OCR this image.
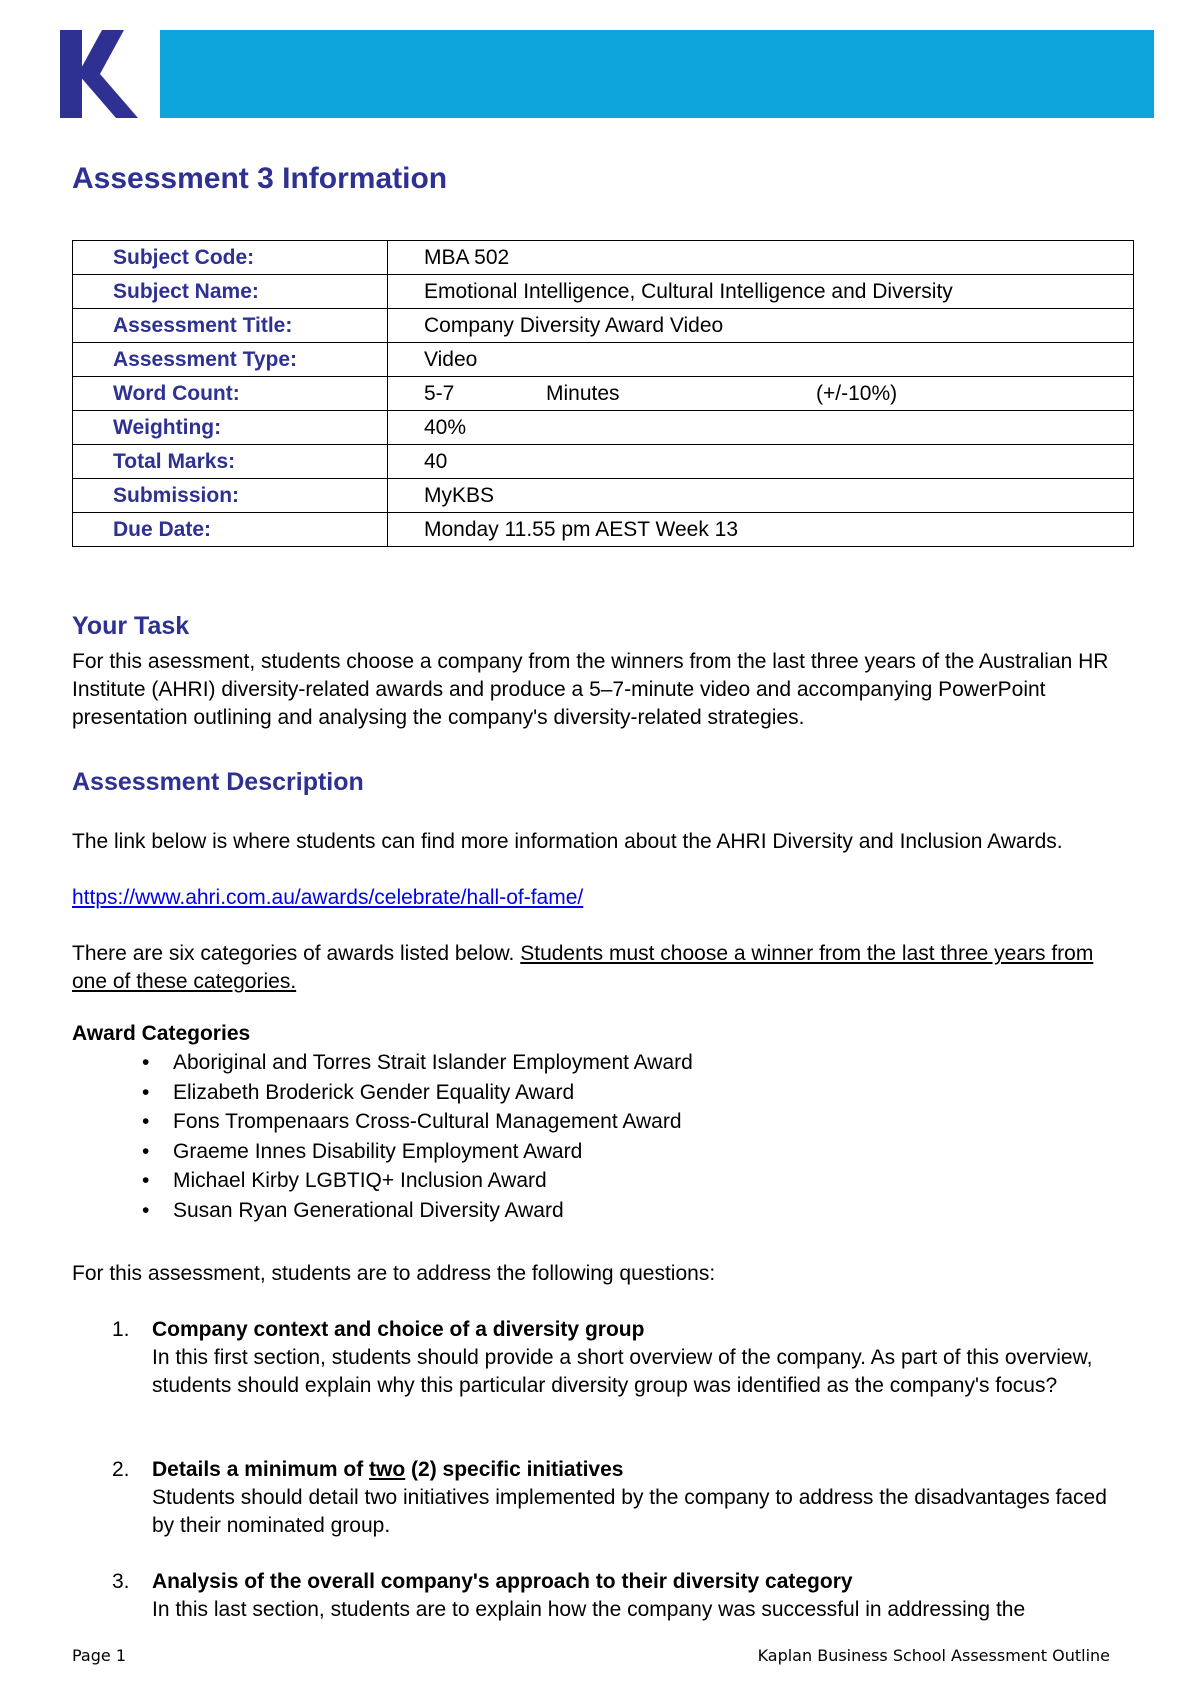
Assessment 3 Information
Subject Code:	MBA 502
Subject Name:	Emotional Intelligence, Cultural Intelligence and Diversity
Assessment Title:	Company Diversity Award Video
Assessment Type:	Video
Word Count:	5-7 Minutes (+/-10%)
Weighting:	40%
Total Marks:	40
Submission:	MyKBS
Due Date:	Monday 11.55 pm AEST Week 13
Your Task

For this asessment, students choose a company from the winners from the last three years of the Australian HR Institute (AHRI) diversity-related awards and produce a 5–7-minute video and accompanying PowerPoint presentation outlining and analysing the company's diversity-related strategies.

Assessment Description

The link below is where students can find more information about the AHRI Diversity and Inclusion Awards.

https://www.ahri.com.au/awards/celebrate/hall-of-fame/

There are six categories of awards listed below. Students must choose a winner from the last three years from one of these categories.

Award Categories

• Aboriginal and Torres Strait Islander Employment Award
• Elizabeth Broderick Gender Equality Award
• Fons Trompenaars Cross-Cultural Management Award
• Graeme Innes Disability Employment Award
• Michael Kirby LGBTIQ+ Inclusion Award
• Susan Ryan Generational Diversity Award

For this assessment, students are to address the following questions:

1. Company context and choice of a diversity group
In this first section, students should provide a short overview of the company. As part of this overview, students should explain why this particular diversity group was identified as the company's focus?
2. Details a minimum of two (2) specific initiatives
Students should detail two initiatives implemented by the company to address the disadvantages faced by their nominated group.
3. Analysis of the overall company's approach to their diversity category
In this last section, students are to explain how the company was successful in addressing the
Page 1	Kaplan Business School Assessment Outline
